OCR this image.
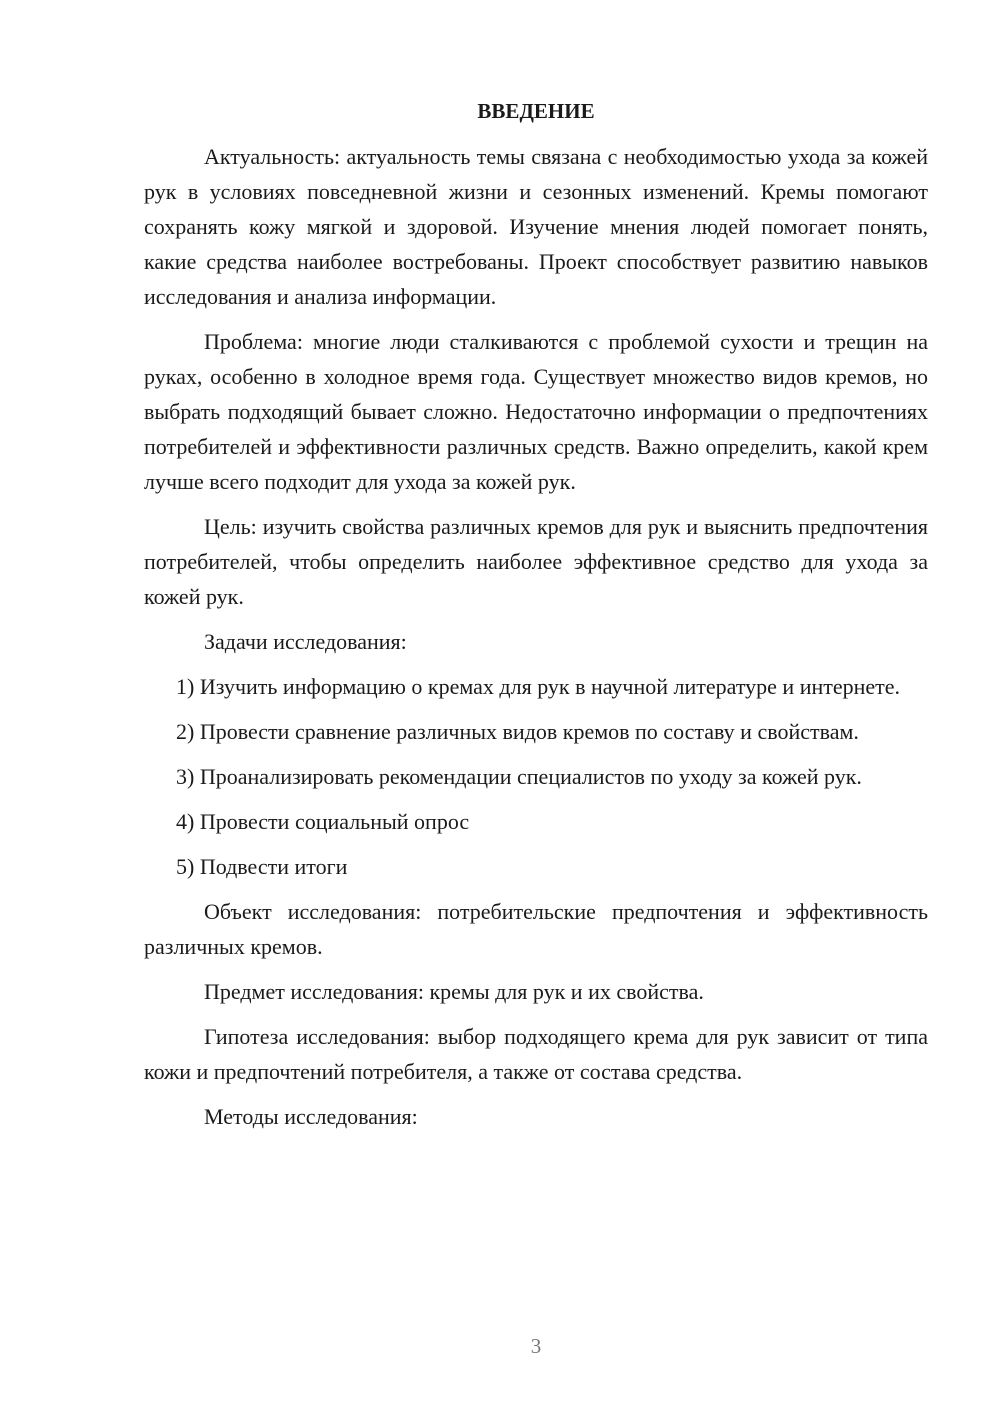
ВВЕДЕНИЕ

Актуальность: актуальность темы связана с необходимостью ухода за кожей рук в условиях повседневной жизни и сезонных изменений. Кремы помогают сохранять кожу мягкой и здоровой. Изучение мнения людей помогает понять, какие средства наиболее востребованы. Проект способствует развитию навыков исследования и анализа информации.

Проблема: многие люди сталкиваются с проблемой сухости и трещин на руках, особенно в холодное время года. Существует множество видов кремов, но выбрать подходящий бывает сложно. Недостаточно информации о предпочтениях потребителей и эффективности различных средств. Важно определить, какой крем лучше всего подходит для ухода за кожей рук.

Цель: изучить свойства различных кремов для рук и выяснить предпочтения потребителей, чтобы определить наиболее эффективное средство для ухода за кожей рук.

Задачи исследования:

1) Изучить информацию о кремах для рук в научной литературе и интернете.

2) Провести сравнение различных видов кремов по составу и свойствам.

3) Проанализировать рекомендации специалистов по уходу за кожей рук.

4) Провести социальный опрос

5) Подвести итоги

Объект исследования: потребительские предпочтения и эффективность различных кремов.

Предмет исследования: кремы для рук и их свойства.

Гипотеза исследования: выбор подходящего крема для рук зависит от типа кожи и предпочтений потребителя, а также от состава средства.

Методы исследования:

3
